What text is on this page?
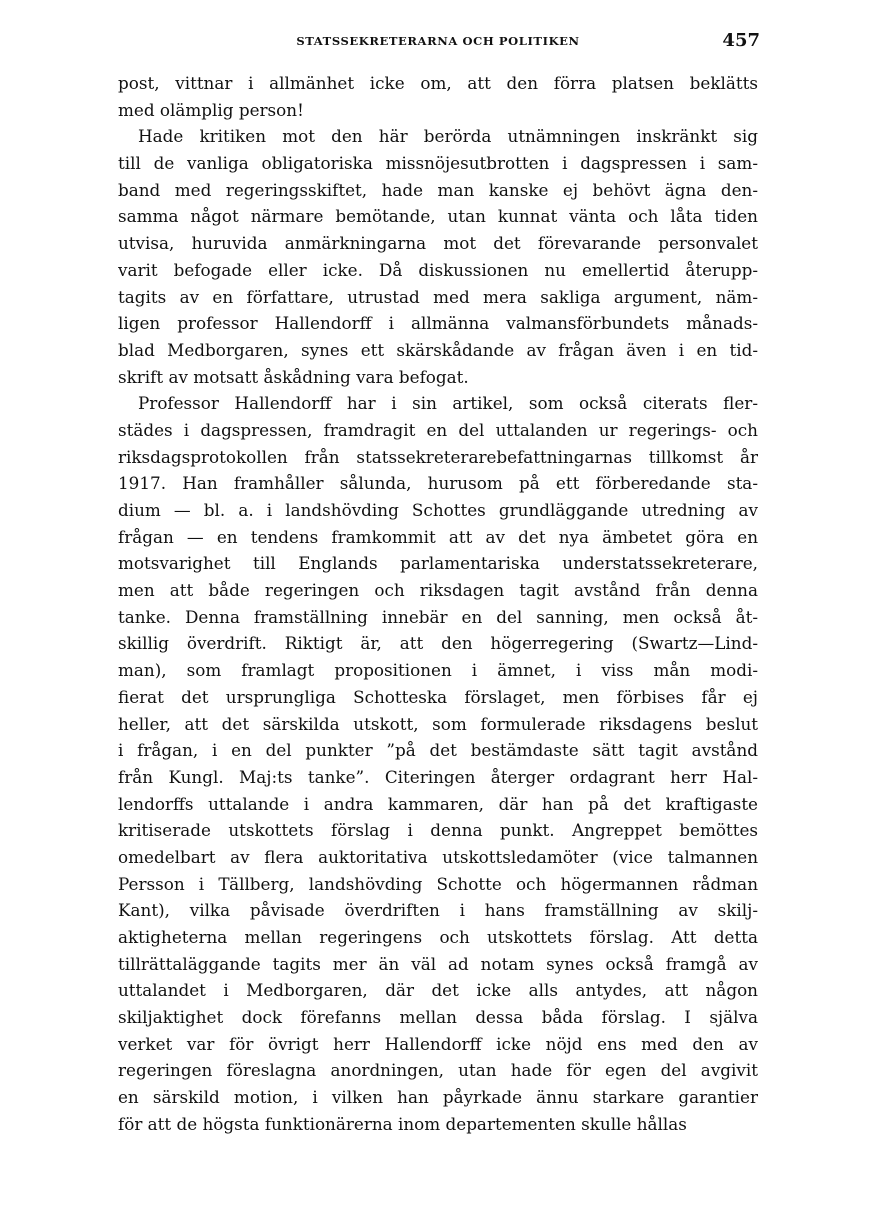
STATSSEKRETERARNA OCH POLITIKEN	457
post, vittnar i allmänhet icke om, att den förra platsen beklätts
med olämplig person!
Hade kritiken mot den här berörda utnämningen inskränkt sig
till de vanliga obligatoriska missnöjesutbrotten i dagspressen i sam-
band med regeringsskiftet, hade man kanske ej behövt ägna den-
samma något närmare bemötande, utan kunnat vänta och låta tiden
utvisa, huruvida anmärkningarna mot det förevarande personvalet
varit befogade eller icke. Då diskussionen nu emellertid återupp-
tagits av en författare, utrustad med mera sakliga argument, näm-
ligen professor Hallendorff i allmänna valmansförbundets månads-
blad Medborgaren, synes ett skärskådande av frågan även i en tid-
skrift av motsatt åskådning vara befogat.
Professor Hallendorff har i sin artikel, som också citerats fler-
städes i dagspressen, framdragit en del uttalanden ur regerings- och
riksdagsprotokollen från statssekreterarebefattningarnas tillkomst år
1917. Han framhåller sålunda, hurusom på ett förberedande sta-
dium — bl. a. i landshövding Schottes grundläggande utredning av
frågan — en tendens framkommit att av det nya ämbetet göra en
motsvarighet till Englands parlamentariska understatssekreterare,
men att både regeringen och riksdagen tagit avstånd från denna
tanke. Denna framställning innebär en del sanning, men också åt-
skillig överdrift. Riktigt är, att den högerregering (Swartz—Lind-
man), som framlagt propositionen i ämnet, i viss mån modi-
fierat det ursprungliga Schotteska förslaget, men förbises får ej
heller, att det särskilda utskott, som formulerade riksdagens beslut
i frågan, i en del punkter ”på det bestämdaste sätt tagit avstånd
från Kungl. Maj:ts tanke”. Citeringen återger ordagrant herr Hal-
lendorffs uttalande i andra kammaren, där han på det kraftigaste
kritiserade utskottets förslag i denna punkt. Angreppet bemöttes
omedelbart av flera auktoritativa utskottsledamöter (vice talmannen
Persson i Tällberg, landshövding Schotte och högermannen rådman
Kant), vilka påvisade överdriften i hans framställning av skilj-
aktigheterna mellan regeringens och utskottets förslag. Att detta
tillrättaläggande tagits mer än väl ad notam synes också framgå av
uttalandet i Medborgaren, där det icke alls antydes, att någon
skiljaktighet dock förefanns mellan dessa båda förslag. I själva
verket var för övrigt herr Hallendorff icke nöjd ens med den av
regeringen föreslagna anordningen, utan hade för egen del avgivit
en särskild motion, i vilken han påyrkade ännu starkare garantier
för att de högsta funktionärerna inom departementen skulle hållas
